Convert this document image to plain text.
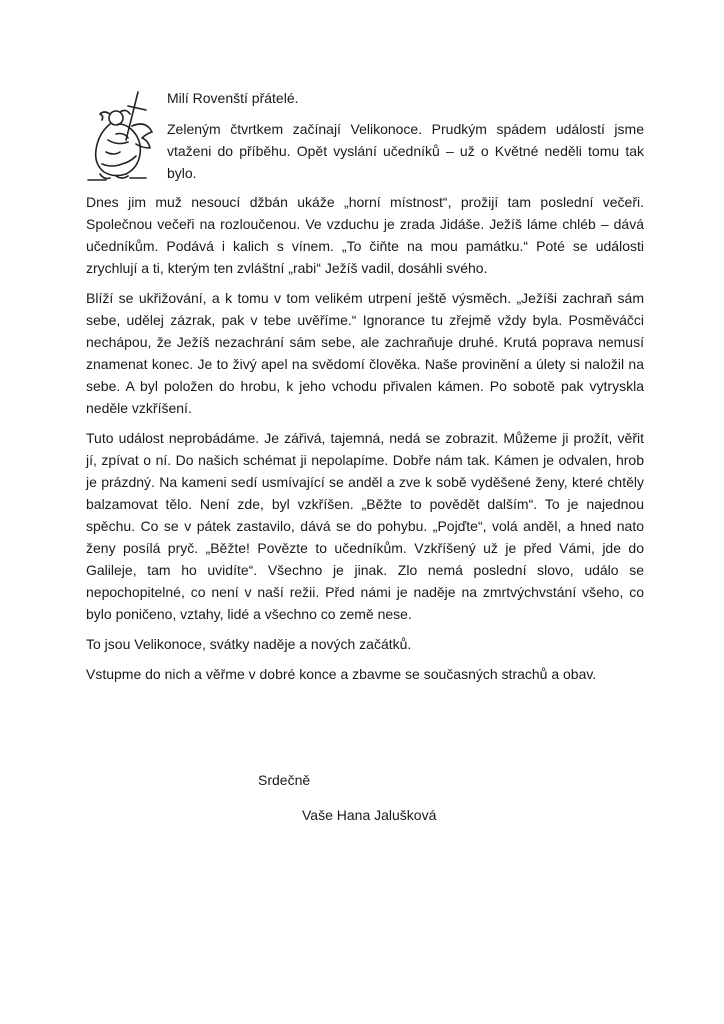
Milí Rovenští přátelé.

Zeleným čtvrtkem začínají Velikonoce. Prudkým spádem událostí jsme vtaženi do příběhu. Opět vyslání učedníků – už o Květné neděli tomu tak bylo.

Dnes jim muž nesoucí džbán ukáže „horní místnost“, prožijí tam poslední večeři. Společnou večeři na rozloučenou. Ve vzduchu je zrada Jidáše. Ježíš láme chléb – dává učedníkům. Podává i kalich s vínem. „To čiňte na mou památku.“ Poté se události zrychlují a ti, kterým ten zvláštní „rabi“ Ježíš vadil, dosáhli svého.

Blíží se ukřižování, a k tomu v tom velikém utrpení ještě výsměch. „Ježíši zachraň sám sebe, udělej zázrak, pak v tebe uvěříme.“ Ignorance tu zřejmě vždy byla. Posměváčci nechápou, že Ježíš nezachrání sám sebe, ale zachraňuje druhé. Krutá poprava nemusí znamenat konec. Je to živý apel na svědomí člověka. Naše provinění a úlety si naložil na sebe. A byl položen do hrobu, k jeho vchodu přivalen kámen. Po sobotě pak vytryskla neděle vzkříšení.

Tuto událost neprobádáme. Je zářivá, tajemná, nedá se zobrazit. Můžeme ji prožít, věřit jí, zpívat o ní. Do našich schémat ji nepolapíme. Dobře nám tak. Kámen je odvalen, hrob je prázdný. Na kameni sedí usmívající se anděl a zve k sobě vyděšené ženy, které chtěly balzamovat tělo. Není zde, byl vzkříšen. „Běžte to povědět dalším“. To je najednou spěchu. Co se v pátek zastavilo, dává se do pohybu. „Pojďte“, volá anděl, a hned nato ženy posílá pryč. „Běžte! Povězte to učedníkům. Vzkříšený už je před Vámi, jde do Galileje, tam ho uvidíte“. Všechno je jinak. Zlo nemá poslední slovo, událo se nepochopitelné, co není v naší režii. Před námi je naděje na zmrtvýchvstání všeho, co bylo poničeno, vztahy, lidé a všechno co země nese.

To jsou Velikonoce, svátky naděje a nových začátků.

Vstupme do nich a věřme v dobré konce a zbavme se současných strachů a obav.

Srdečně

Vaše Hana Jalušková
